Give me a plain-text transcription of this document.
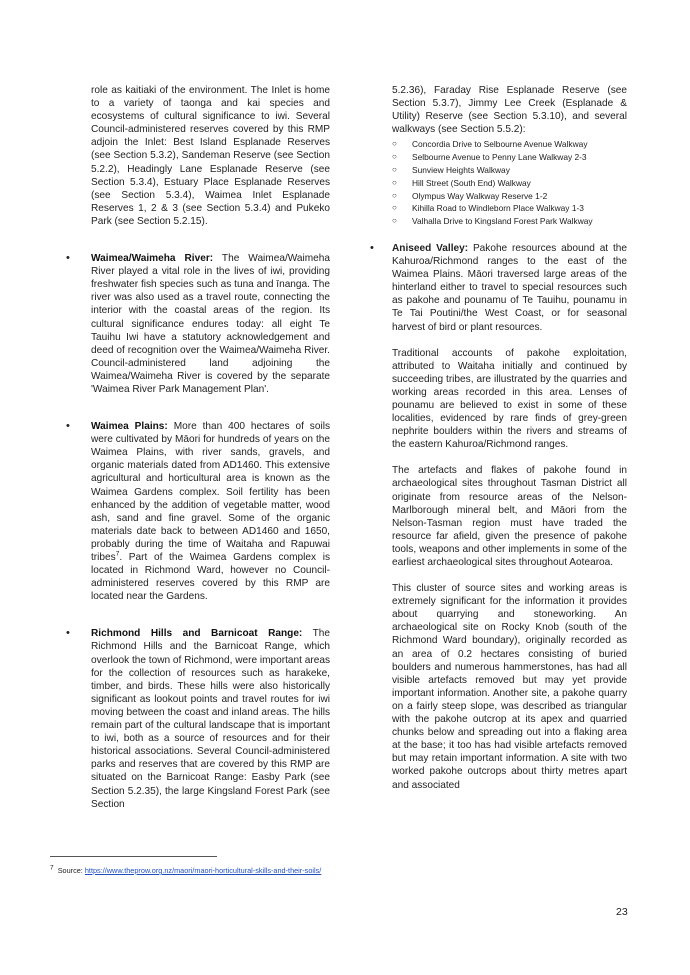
role as kaitiaki of the environment. The Inlet is home to a variety of taonga and kai species and ecosystems of cultural significance to iwi. Several Council-administered reserves covered by this RMP adjoin the Inlet: Best Island Esplanade Reserves (see Section 5.3.2), Sandeman Reserve (see Section 5.2.2), Headingly Lane Esplanade Reserve (see Section 5.3.4), Estuary Place Esplanade Reserves (see Section 5.3.4), Waimea Inlet Esplanade Reserves 1, 2 & 3 (see Section 5.3.4) and Pukeko Park (see Section 5.2.15).

• Waimea/Waimeha River: The Waimea/Waimeha River played a vital role in the lives of iwi, providing freshwater fish species such as tuna and īnanga. The river was also used as a travel route, connecting the interior with the coastal areas of the region. Its cultural significance endures today: all eight Te Tauihu Iwi have a statutory acknowledgement and deed of recognition over the Waimea/Waimeha River. Council-administered land adjoining the Waimea/Waimeha River is covered by the separate 'Waimea River Park Management Plan'.
• Waimea Plains: More than 400 hectares of soils were cultivated by Māori for hundreds of years on the Waimea Plains, with river sands, gravels, and organic materials dated from AD1460. This extensive agricultural and horticultural area is known as the Waimea Gardens complex. Soil fertility has been enhanced by the addition of vegetable matter, wood ash, sand and fine gravel. Some of the organic materials date back to between AD1460 and 1650, probably during the time of Waitaha and Rapuwai tribes$^7$. Part of the Waimea Gardens complex is located in Richmond Ward, however no Council-administered reserves covered by this RMP are located near the Gardens.
• Richmond Hills and Barnicoat Range: The Richmond Hills and the Barnicoat Range, which overlook the town of Richmond, were important areas for the collection of resources such as harakeke, timber, and birds. These hills were also historically significant as lookout points and travel routes for iwi moving between the coast and inland areas. The hills remain part of the cultural landscape that is important to iwi, both as a source of resources and for their historical associations. Several Council-administered parks and reserves that are covered by this RMP are situated on the Barnicoat Range: Easby Park (see Section 5.2.35), the large Kingsland Forest Park (see Section

5.2.36), Faraday Rise Esplanade Reserve (see Section 5.3.7), Jimmy Lee Creek (Esplanade & Utility) Reserve (see Section 5.3.10), and several walkways (see Section 5.5.2):

○ Concordia Drive to Selbourne Avenue Walkway
○ Selbourne Avenue to Penny Lane Walkway 2-3
○ Sunview Heights Walkway
○ Hill Street (South End) Walkway
○ Olympus Way Walkway Reserve 1-2
○ Kihilla Road to Windleborn Place Walkway 1-3
○ Valhalla Drive to Kingsland Forest Park Walkway
• Aniseed Valley: Pakohe resources abound at the Kahuroa/Richmond ranges to the east of the Waimea Plains. Māori traversed large areas of the hinterland either to travel to special resources such as pakohe and pounamu of Te Tauihu, pounamu in Te Tai Poutini/the West Coast, or for seasonal harvest of bird or plant resources.

Traditional accounts of pakohe exploitation, attributed to Waitaha initially and continued by succeeding tribes, are illustrated by the quarries and working areas recorded in this area. Lenses of pounamu are believed to exist in some of these localities, evidenced by rare finds of grey-green nephrite boulders within the rivers and streams of the eastern Kahuroa/Richmond ranges.

The artefacts and flakes of pakohe found in archaeological sites throughout Tasman District all originate from resource areas of the Nelson-Marlborough mineral belt, and Māori from the Nelson-Tasman region must have traded the resource far afield, given the presence of pakohe tools, weapons and other implements in some of the earliest archaeological sites throughout Aotearoa.

This cluster of source sites and working areas is extremely significant for the information it provides about quarrying and stoneworking. An archaeological site on Rocky Knob (south of the Richmond Ward boundary), originally recorded as an area of 0.2 hectares consisting of buried boulders and numerous hammerstones, has had all visible artefacts removed but may yet provide important information. Another site, a pakohe quarry on a fairly steep slope, was described as triangular with the pakohe outcrop at its apex and quarried chunks below and spreading out into a flaking area at the base; it too has had visible artefacts removed but may retain important information. A site with two worked pakohe outcrops about thirty metres apart and associated

$^7$ Source: https://www.theprow.org.nz/maori/maori-horticultural-skills-and-their-soils/
23
